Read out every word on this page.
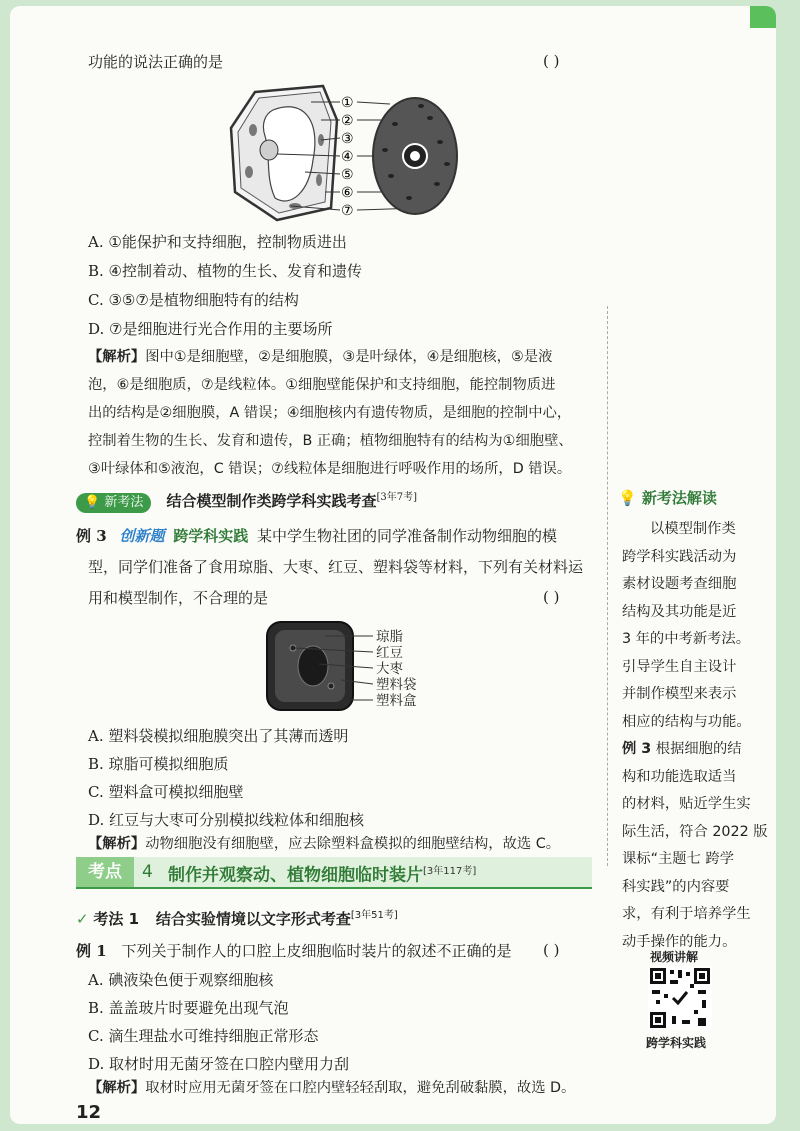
功能的说法正确的是	( )
①
②
③
④
⑤
⑥
⑦
A. ①能保护和支持细胞，控制物质进出
B. ④控制着动、植物的生长、发育和遗传
C. ③⑤⑦是植物细胞特有的结构
D. ⑦是细胞进行光合作用的主要场所
【解析】图中①是细胞壁，②是细胞膜，③是叶绿体，④是细胞核，⑤是液
泡，⑥是细胞质，⑦是线粒体。①细胞壁能保护和支持细胞，能控制物质进
出的结构是②细胞膜，A 错误；④细胞核内有遗传物质，是细胞的控制中心，
控制着生物的生长、发育和遗传，B 正确；植物细胞特有的结构为①细胞壁、
③叶绿体和⑤液泡，C 错误；⑦线粒体是细胞进行呼吸作用的场所，D 错误。
💡 新考法 结合模型制作类跨学科实践考查[3年7考]
例 3 创新题 跨学科实践 某中学生物社团的同学准备制作动物细胞的模
型，同学们准备了食用琼脂、大枣、红豆、塑料袋等材料，下列有关材料运
用和模型制作，不合理的是	( )
琼脂
红豆
大枣
塑料袋
塑料盒
A. 塑料袋模拟细胞膜突出了其薄而透明
B. 琼脂可模拟细胞质
C. 塑料盒可模拟细胞壁
D. 红豆与大枣可分别模拟线粒体和细胞核
【解析】动物细胞没有细胞壁，应去除塑料盒模拟的细胞壁结构，故选 C。
考点	4 制作并观察动、植物细胞临时装片[3年117考]
✓ 考法 1 结合实验情境以文字形式考查[3年51考]
例 1 下列关于制作人的口腔上皮细胞临时装片的叙述不正确的是 ( )
A. 碘液染色便于观察细胞核
B. 盖盖玻片时要避免出现气泡
C. 滴生理盐水可维持细胞正常形态
D. 取材时用无菌牙签在口腔内壁用力刮
【解析】取材时应用无菌牙签在口腔内壁轻轻刮取，避免刮破黏膜，故选 D。
💡 新考法解读
以模型制作类
跨学科实践活动为
素材设题考查细胞
结构及其功能是近
3 年的中考新考法。
引导学生自主设计
并制作模型来表示
相应的结构与功能。
例 3 根据细胞的结
构和功能选取适当
的材料，贴近学生实
际生活，符合 2022 版
课标“主题七 跨学
科实践”的内容要
求，有利于培养学生
动手操作的能力。
视频讲解
跨学科实践
12
